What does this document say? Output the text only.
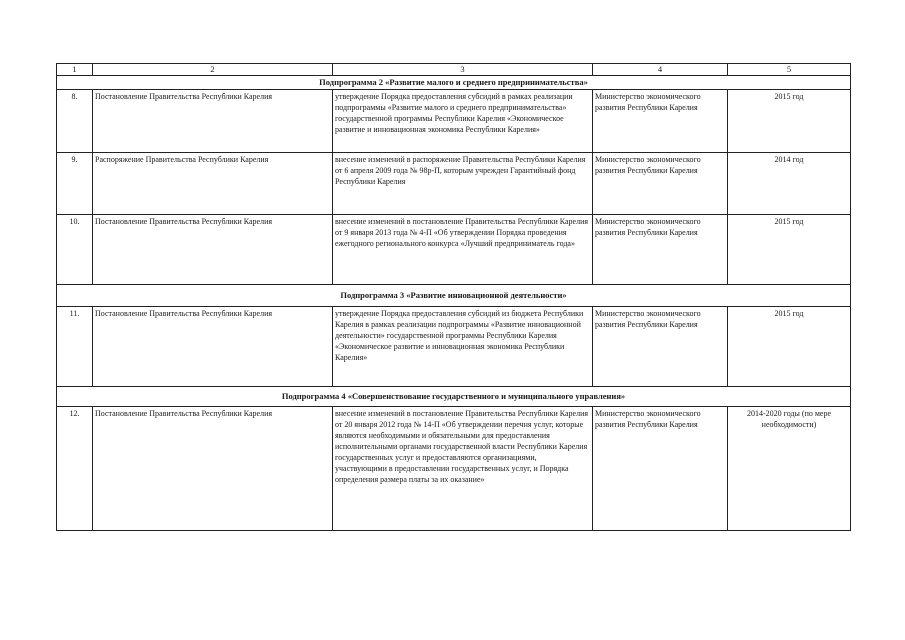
1	2	3	4	5
Подпрограмма 2 «Развитие малого и среднего предпринимательства»				
8.	Постановление Правительства Республики Карелия	утверждение Порядка предоставления субсидий в рамках реализации подпрограммы «Развитие малого и среднего предпринимательства» государственной программы Республики Карелия «Экономическое развитие и инновационная экономика Республики Карелия»	Министерство экономического развития Республики Карелия	2015 год
9.	Распоряжение Правительства Республики Карелия	внесение изменений в распоряжение Правительства Республики Карелия от 6 апреля 2009 года № 98р-П, которым учрежден Гарантийный фонд Республики Карелия	Министерство экономического развития Республики Карелия	2014 год
10.	Постановление Правительства Республики Карелия	внесение изменений в постановление Правительства Республики Карелия от 9 января 2013 года № 4-П «Об утверждении Порядка проведения ежегодного регионального конкурса «Лучший предприниматель года»	Министерство экономического развития Республики Карелия	2015 год
Подпрограмма 3 «Развитие инновационной деятельности»				
11.	Постановление Правительства Республики Карелия	утверждение Порядка предоставления субсидий из бюджета Республики Карелия в рамках реализации подпрограммы «Развитие инновационной деятельности» государственной программы Республики Карелия «Экономическое развитие и инновационная экономика Республики Карелия»	Министерство экономического развития Республики Карелия	2015 год
Подпрограмма 4 «Совершенствование государственного и муниципального управления»				
12.	Постановление Правительства Республики Карелия	внесение изменений в постановление Правительства Республики Карелия от 20 января 2012 года № 14-П «Об утверждении перечня услуг, которые являются необходимыми и обязательными для предоставления исполнительными органами государственной власти Республики Карелия государственных услуг и предоставляются организациями, участвующими в предоставлении государственных услуг, и Порядка определения размера платы за их оказание»	Министерство экономического развития Республики Карелия	2014-2020 годы (по мере необходимости)
